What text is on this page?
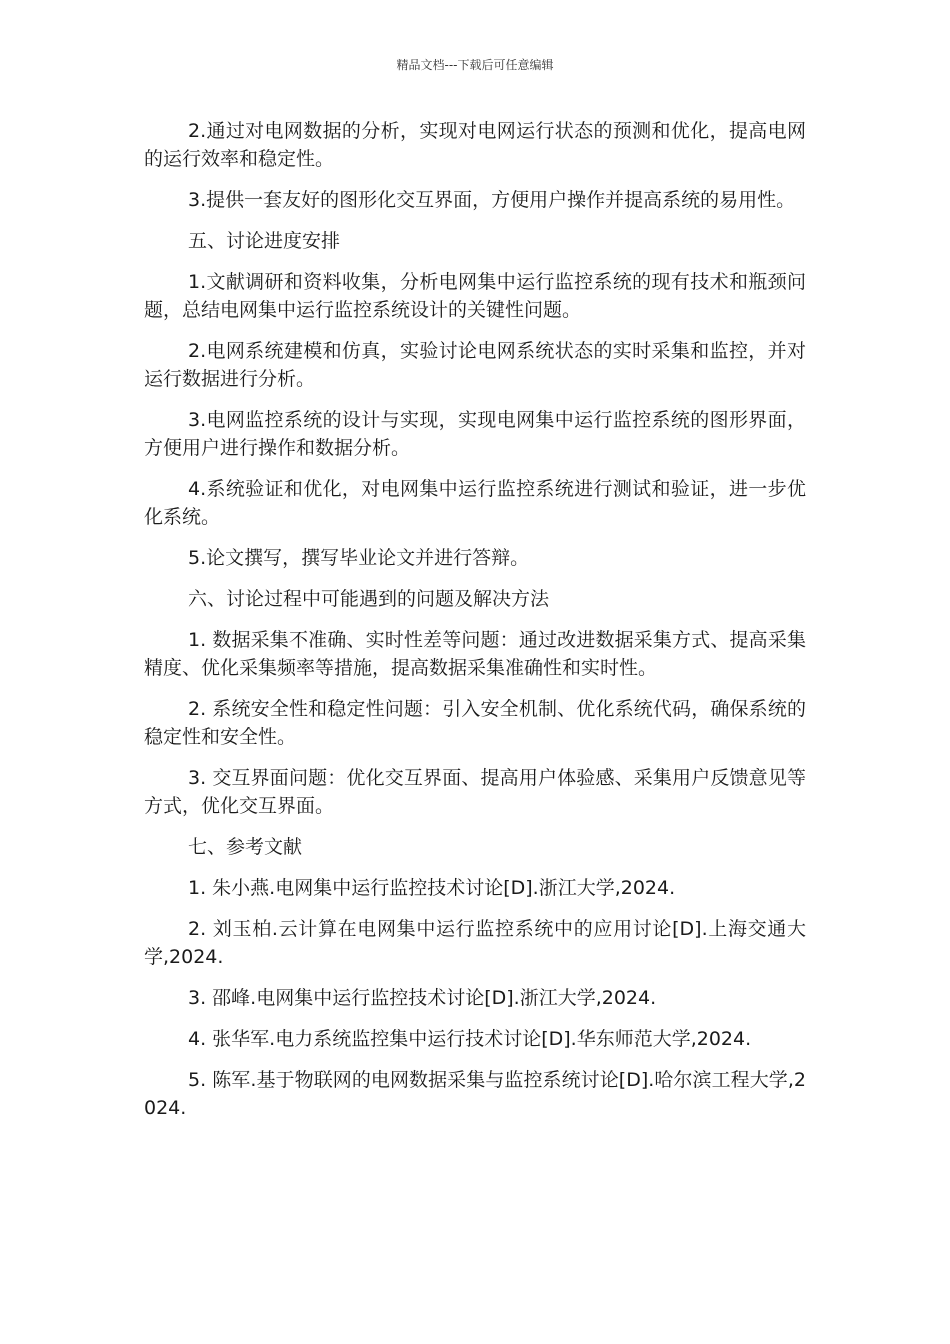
精品文档---下载后可任意编辑

2.通过对电网数据的分析，实现对电网运行状态的预测和优化，提高电网的运行效率和稳定性。

3.提供一套友好的图形化交互界面，方便用户操作并提高系统的易用性。

五、讨论进度安排

1.文献调研和资料收集，分析电网集中运行监控系统的现有技术和瓶颈问题，总结电网集中运行监控系统设计的关键性问题。

2.电网系统建模和仿真，实验讨论电网系统状态的实时采集和监控，并对运行数据进行分析。

3.电网监控系统的设计与实现，实现电网集中运行监控系统的图形界面，方便用户进行操作和数据分析。

4.系统验证和优化，对电网集中运行监控系统进行测试和验证，进一步优化系统。

5.论文撰写，撰写毕业论文并进行答辩。

六、讨论过程中可能遇到的问题及解决方法

1. 数据采集不准确、实时性差等问题：通过改进数据采集方式、提高采集精度、优化采集频率等措施，提高数据采集准确性和实时性。

2. 系统安全性和稳定性问题：引入安全机制、优化系统代码，确保系统的稳定性和安全性。

3. 交互界面问题：优化交互界面、提高用户体验感、采集用户反馈意见等方式，优化交互界面。

七、参考文献

1. 朱小燕.电网集中运行监控技术讨论[D].浙江大学,2024.

2. 刘玉柏.云计算在电网集中运行监控系统中的应用讨论[D].上海交通大学,2024.

3. 邵峰.电网集中运行监控技术讨论[D].浙江大学,2024.

4. 张华军.电力系统监控集中运行技术讨论[D].华东师范大学,2024.

5. 陈军.基于物联网的电网数据采集与监控系统讨论[D].哈尔滨工程大学,2024.
